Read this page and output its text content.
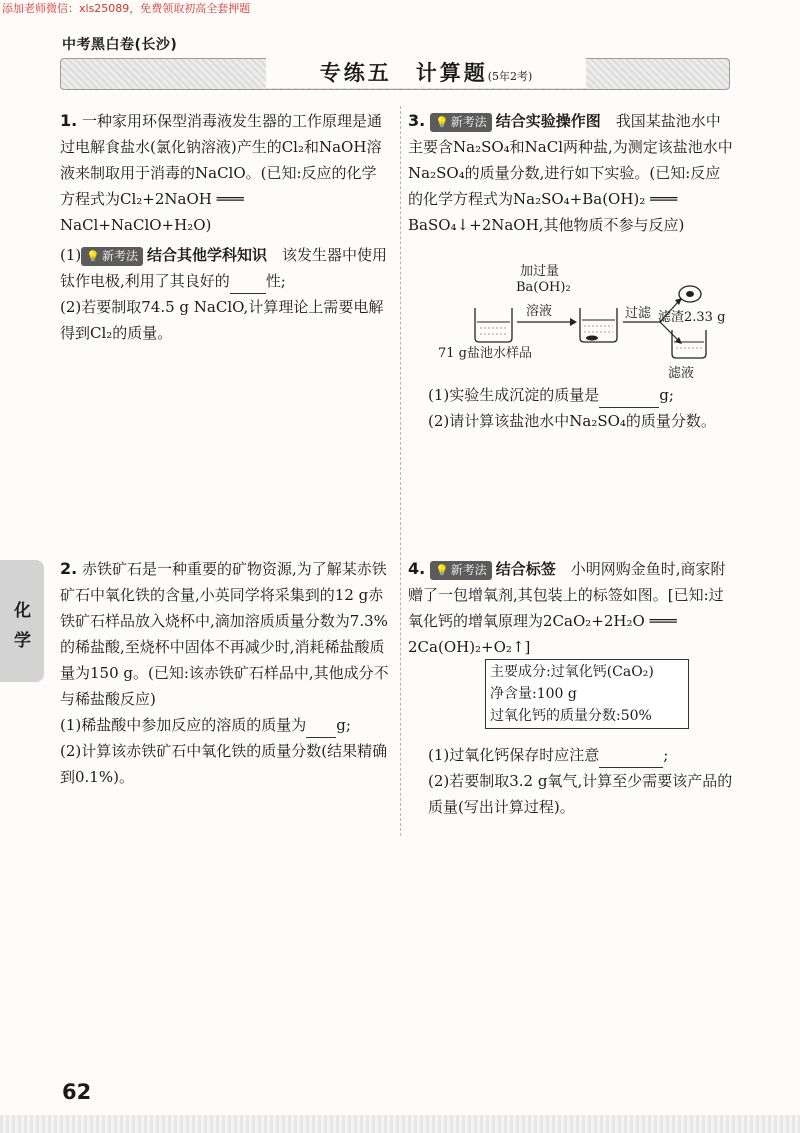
添加老师微信：xls25089，免费领取初高全套押题
中考黑白卷(长沙)
专练五　计算题(5年2考)
1. 一种家用环保型消毒液发生器的工作原理是通过电解食盐水(氯化钠溶液)产生的Cl₂和NaOH溶液来制取用于消毒的NaClO。(已知:反应的化学方程式为Cl₂+2NaOH ═══ NaCl+NaClO+H₂O)
(1) 💡 新考法 结合其他学科知识　 该发生器中使用钛作电极,利用了其良好的 性;
(2)若要制取74.5 g NaClO,计算理论上需要电解得到Cl₂的质量。
2. 赤铁矿石是一种重要的矿物资源,为了解某赤铁矿石中氧化铁的含量,小英同学将采集到的12 g赤铁矿石样品放入烧杯中,滴加溶质质量分数为7.3%的稀盐酸,至烧杯中固体不再减少时,消耗稀盐酸质量为150 g。(已知:该赤铁矿石样品中,其他成分不与稀盐酸反应)
(1)稀盐酸中参加反应的溶质的质量为 g;
(2)计算该赤铁矿石中氧化铁的质量分数(结果精确到0.1%)。
3. 💡 新考法 结合实验操作图　 我国某盐池水中主要含Na₂SO₄和NaCl两种盐,为测定该盐池水中Na₂SO₄的质量分数,进行如下实验。(已知:反应的化学方程式为Na₂SO₄+Ba(OH)₂ ═══ BaSO₄↓+2NaOH,其他物质不参与反应)
加过量
Ba(OH)₂
溶液	过滤 滤渣2.33 g
滤液
71 g盐池水样品
(1)实验生成沉淀的质量是	g;
(2)请计算该盐池水中Na₂SO₄的质量分数。
4. 💡 新考法 结合标签　 小明网购金鱼时,商家附赠了一包增氧剂,其包装上的标签如图。[已知:过氧化钙的增氧原理为2CaO₂+2H₂O ═══ 2Ca(OH)₂+O₂↑]
主要成分:过氧化钙(CaO₂)
净含量:100 g
过氧化钙的质量分数:50%
(1)过氧化钙保存时应注意	;
(2)若要制取3.2 g氧气,计算至少需要该产品的质量(写出计算过程)。
化
学
62
